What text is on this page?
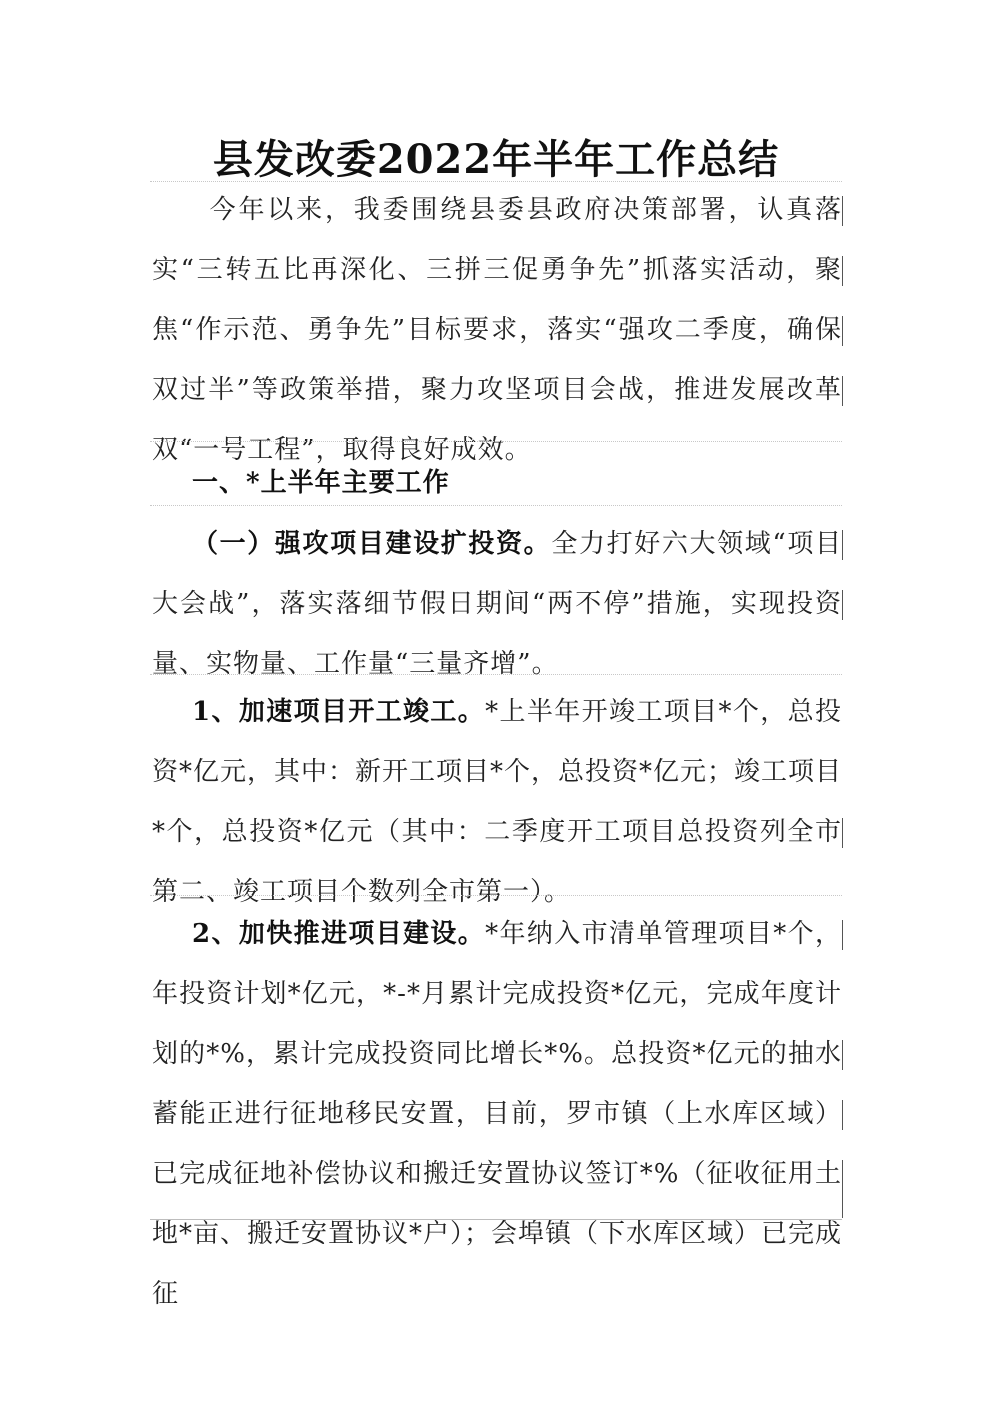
县发改委2022年半年工作总结
　　今年以来，我委围绕县委县政府决策部署，认真落实“三转五比再深化、三拼三促勇争先”抓落实活动，聚焦“作示范、勇争先”目标要求，落实“强攻二季度，确保双过半”等政策举措，聚力攻坚项目会战，推进发展改革双“一号工程”，取得良好成效。
一、*上半年主要工作
（一）强攻项目建设扩投资。全力打好六大领域“项目大会战”，落实落细节假日期间“两不停”措施，实现投资量、实物量、工作量“三量齐增”。
1、加速项目开工竣工。*上半年开竣工项目*个，总投资*亿元，其中：新开工项目*个，总投资*亿元；竣工项目*个，总投资*亿元（其中：二季度开工项目总投资列全市第二、竣工项目个数列全市第一）。
2、加快推进项目建设。*年纳入市清单管理项目*个，年投资计划*亿元，*-*月累计完成投资*亿元，完成年度计划的*%，累计完成投资同比增长*%。总投资*亿元的抽水蓄能正进行征地移民安置，目前，罗市镇（上水库区域）已完成征地补偿协议和搬迁安置协议签订*%（征收征用土地*亩、搬迁安置协议*户）；会埠镇（下水库区域）已完成征
